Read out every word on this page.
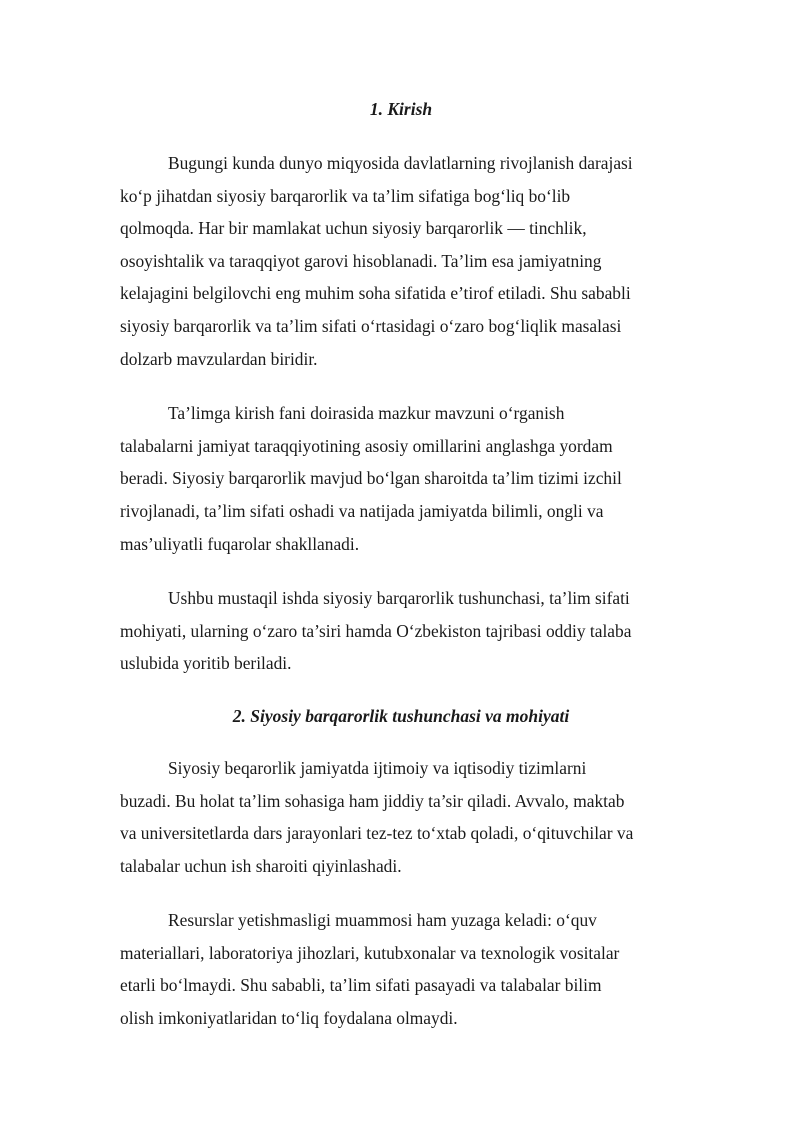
1. Kirish

Bugungi kunda dunyo miqyosida davlatlarning rivojlanish darajasi
ko‘p jihatdan siyosiy barqarorlik va ta’lim sifatiga bog‘liq bo‘lib
qolmoqda. Har bir mamlakat uchun siyosiy barqarorlik — tinchlik,
osoyishtalik va taraqqiyot garovi hisoblanadi. Ta’lim esa jamiyatning
kelajagini belgilovchi eng muhim soha sifatida e’tirof etiladi. Shu sababli
siyosiy barqarorlik va ta’lim sifati o‘rtasidagi o‘zaro bog‘liqlik masalasi
dolzarb mavzulardan biridir.

Ta’limga kirish fani doirasida mazkur mavzuni o‘rganish
talabalarni jamiyat taraqqiyotining asosiy omillarini anglashga yordam
beradi. Siyosiy barqarorlik mavjud bo‘lgan sharoitda ta’lim tizimi izchil
rivojlanadi, ta’lim sifati oshadi va natijada jamiyatda bilimli, ongli va
mas’uliyatli fuqarolar shakllanadi.

Ushbu mustaqil ishda siyosiy barqarorlik tushunchasi, ta’lim sifati
mohiyati, ularning o‘zaro ta’siri hamda O‘zbekiston tajribasi oddiy talaba
uslubida yoritib beriladi.

2. Siyosiy barqarorlik tushunchasi va mohiyati

Siyosiy beqarorlik jamiyatda ijtimoiy va iqtisodiy tizimlarni
buzadi. Bu holat ta’lim sohasiga ham jiddiy ta’sir qiladi. Avvalo, maktab
va universitetlarda dars jarayonlari tez-tez to‘xtab qoladi, o‘qituvchilar va
talabalar uchun ish sharoiti qiyinlashadi.

Resurslar yetishmasligi muammosi ham yuzaga keladi: o‘quv
materiallari, laboratoriya jihozlari, kutubxonalar va texnologik vositalar
etarli bo‘lmaydi. Shu sababli, ta’lim sifati pasayadi va talabalar bilim
olish imkoniyatlaridan to‘liq foydalana olmaydi.
